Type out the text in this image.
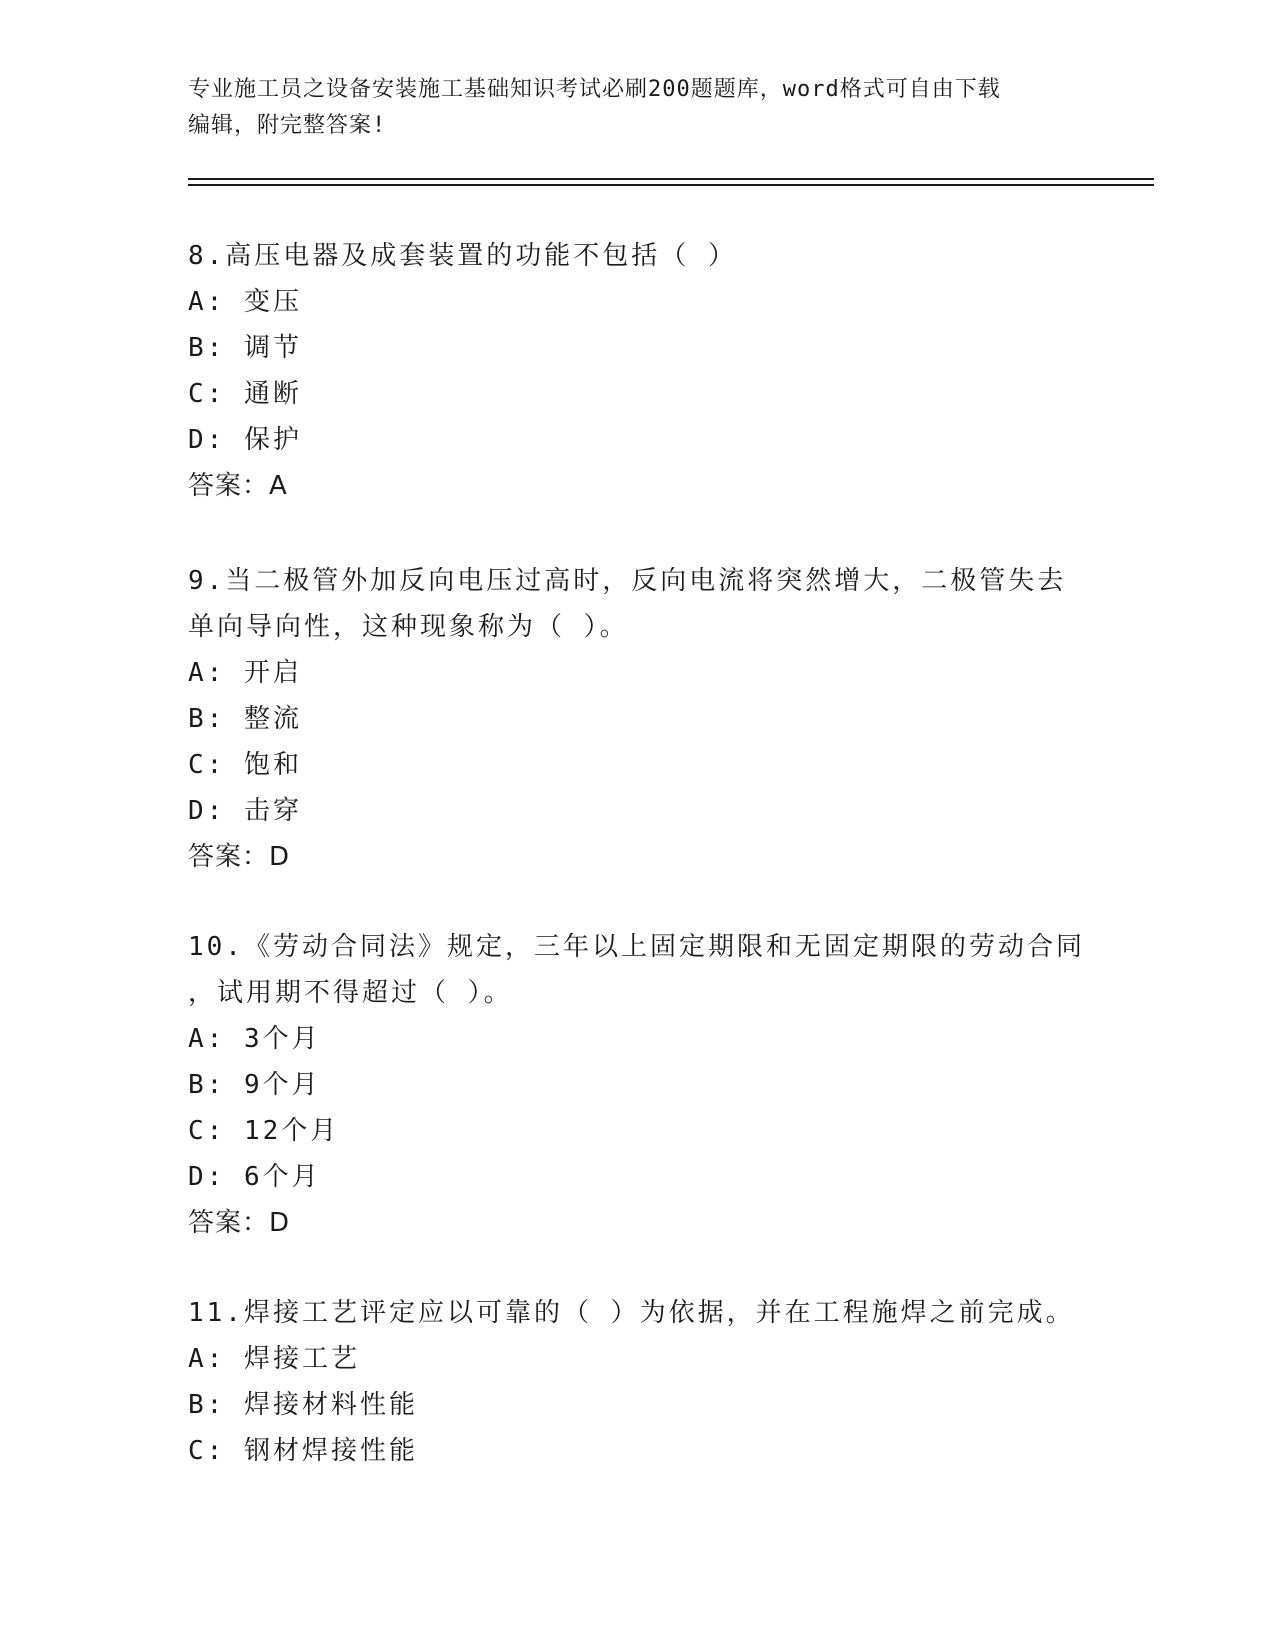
专业施工员之设备安装施工基础知识考试必刷200题题库，word格式可自由下载
编辑，附完整答案!
8.高压电器及成套装置的功能不包括（ ）
A: 变压
B: 调节
C: 通断
D: 保护
答案：A
9.当二极管外加反向电压过高时，反向电流将突然增大，二极管失去
单向导向性，这种现象称为（ ）。
A: 开启
B: 整流
C: 饱和
D: 击穿
答案：D
10.《劳动合同法》规定，三年以上固定期限和无固定期限的劳动合同
，试用期不得超过（ ）。
A: 3个月
B: 9个月
C: 12个月
D: 6个月
答案：D
11.焊接工艺评定应以可靠的（ ）为依据，并在工程施焊之前完成。
A: 焊接工艺
B: 焊接材料性能
C: 钢材焊接性能
